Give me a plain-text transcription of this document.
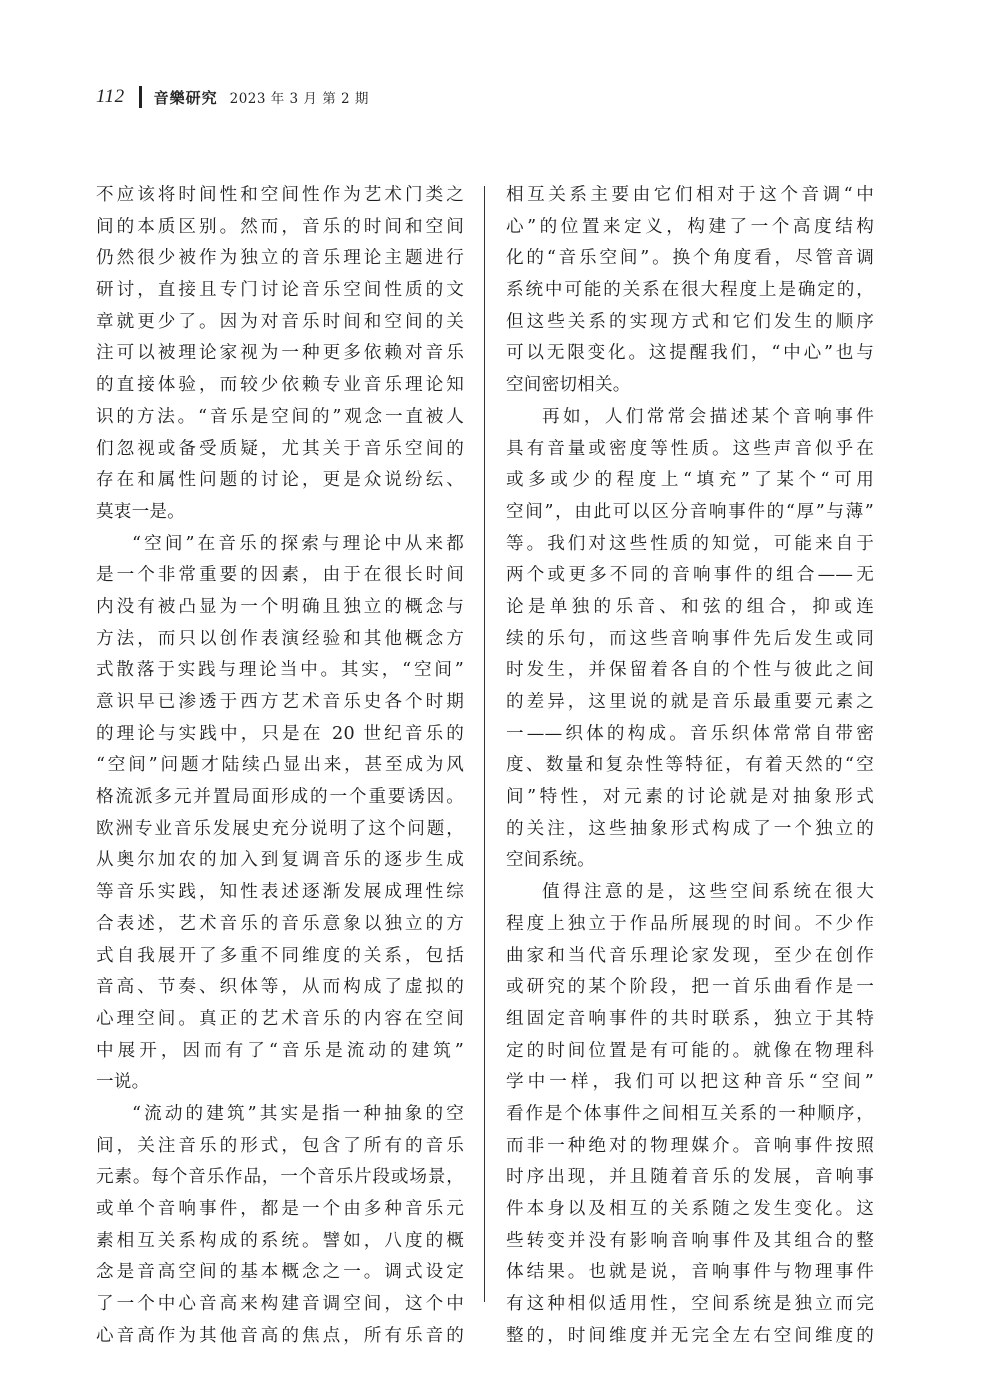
112 音樂研究 2023 年 3 月 第 2 期
不应该将时间性和空间性作为艺术门类之
间的本质区别。然而，音乐的时间和空间
仍然很少被作为独立的音乐理论主题进行
研讨，直接且专门讨论音乐空间性质的文
章就更少了。因为对音乐时间和空间的关
注可以被理论家视为一种更多依赖对音乐
的直接体验，而较少依赖专业音乐理论知
识的方法。“音乐是空间的”观念一直被人
们忽视或备受质疑，尤其关于音乐空间的
存在和属性问题的讨论，更是众说纷纭、
莫衷一是。
“空间”在音乐的探索与理论中从来都
是一个非常重要的因素，由于在很长时间
内没有被凸显为一个明确且独立的概念与
方法，而只以创作表演经验和其他概念方
式散落于实践与理论当中。其实，“空间”
意识早已渗透于西方艺术音乐史各个时期
的理论与实践中，只是在 20 世纪音乐的
“空间”问题才陆续凸显出来，甚至成为风
格流派多元并置局面形成的一个重要诱因。
欧洲专业音乐发展史充分说明了这个问题，
从奥尔加农的加入到复调音乐的逐步生成
等音乐实践，知性表述逐渐发展成理性综
合表述，艺术音乐的音乐意象以独立的方
式自我展开了多重不同维度的关系，包括
音高、节奏、织体等，从而构成了虚拟的
心理空间。真正的艺术音乐的内容在空间
中展开，因而有了“音乐是流动的建筑”
一说。
“流动的建筑”其实是指一种抽象的空
间，关注音乐的形式，包含了所有的音乐
元素。每个音乐作品，一个音乐片段或场景，
或单个音响事件，都是一个由多种音乐元
素相互关系构成的系统。譬如，八度的概
念是音高空间的基本概念之一。调式设定
了一个中心音高来构建音调空间，这个中
心音高作为其他音高的焦点，所有乐音的
相互关系主要由它们相对于这个音调“中
心”的位置来定义，构建了一个高度结构
化的“音乐空间”。换个角度看，尽管音调
系统中可能的关系在很大程度上是确定的，
但这些关系的实现方式和它们发生的顺序
可以无限变化。这提醒我们，“中心”也与
空间密切相关。
再如，人们常常会描述某个音响事件
具有音量或密度等性质。这些声音似乎在
或多或少的程度上“填充”了某个“可用
空间”，由此可以区分音响事件的“厚”与薄”
等。我们对这些性质的知觉，可能来自于
两个或更多不同的音响事件的组合——无
论是单独的乐音、和弦的组合，抑或连
续的乐句，而这些音响事件先后发生或同
时发生，并保留着各自的个性与彼此之间
的差异，这里说的就是音乐最重要元素之
一——织体的构成。音乐织体常常自带密
度、数量和复杂性等特征，有着天然的“空
间”特性，对元素的讨论就是对抽象形式
的关注，这些抽象形式构成了一个独立的
空间系统。
值得注意的是，这些空间系统在很大
程度上独立于作品所展现的时间。不少作
曲家和当代音乐理论家发现，至少在创作
或研究的某个阶段，把一首乐曲看作是一
组固定音响事件的共时联系，独立于其特
定的时间位置是有可能的。就像在物理科
学中一样，我们可以把这种音乐“空间”
看作是个体事件之间相互关系的一种顺序，
而非一种绝对的物理媒介。音响事件按照
时序出现，并且随着音乐的发展，音响事
件本身以及相互的关系随之发生变化。这
些转变并没有影响音响事件及其组合的整
体结果。也就是说，音响事件与物理事件
有这种相似适用性，空间系统是独立而完
整的，时间维度并无完全左右空间维度的
